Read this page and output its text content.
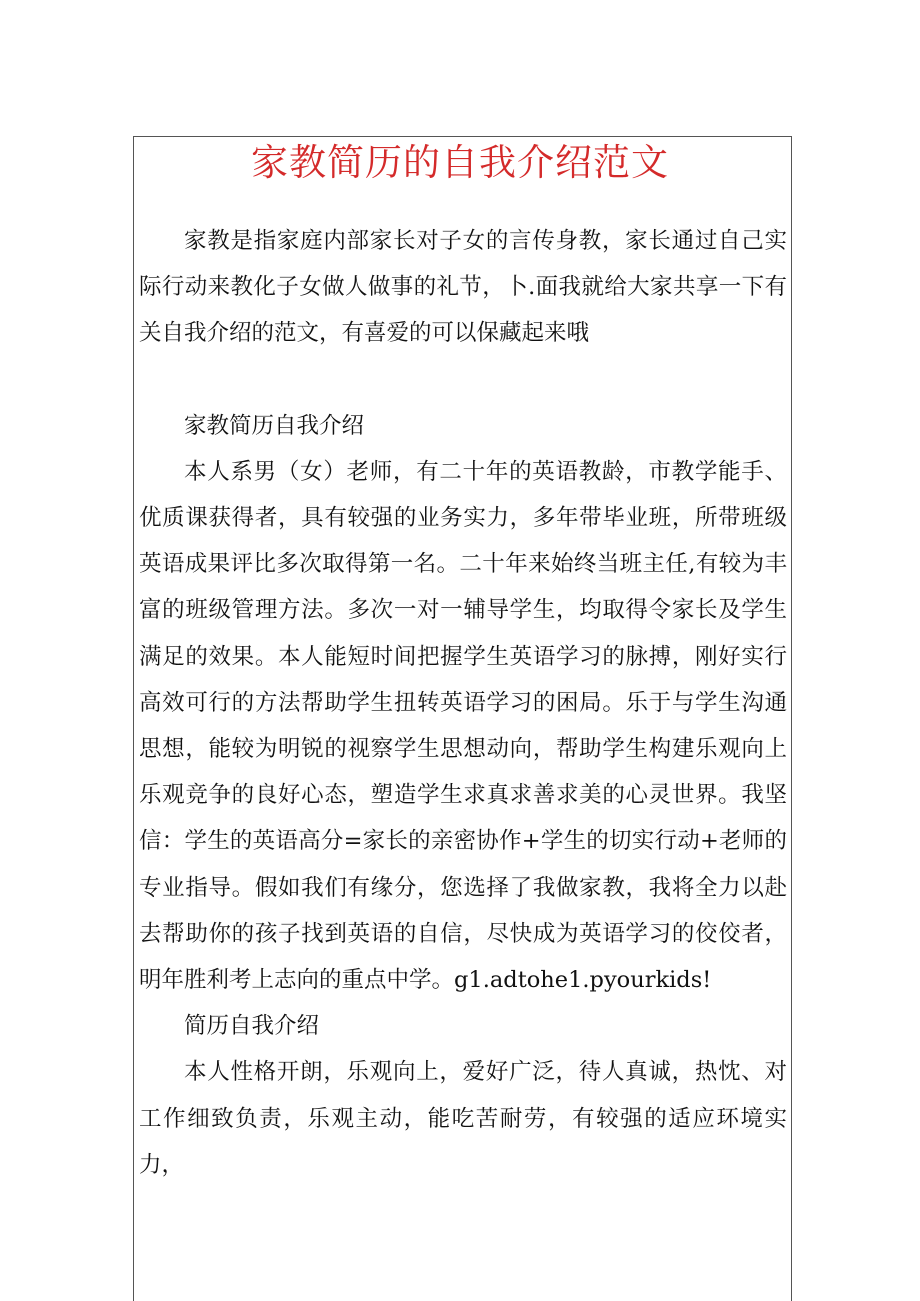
家教简历的自我介绍范文

家教是指家庭内部家长对子女的言传身教，家长通过自己实际行动来教化子女做人做事的礼节，卜.面我就给大家共享一下有关自我介绍的范文，有喜爱的可以保藏起来哦

家教简历自我介绍

本人系男（女）老师，有二十年的英语教龄，市教学能手、优质课获得者，具有较强的业务实力，多年带毕业班，所带班级英语成果评比多次取得第一名。二十年来始终当班主任,有较为丰富的班级管理方法。多次一对一辅导学生，均取得令家长及学生满足的效果。本人能短时间把握学生英语学习的脉搏，刚好实行高效可行的方法帮助学生扭转英语学习的困局。乐于与学生沟通思想，能较为明锐的视察学生思想动向，帮助学生构建乐观向上乐观竞争的良好心态，塑造学生求真求善求美的心灵世界。我坚信：学生的英语高分=家长的亲密协作+学生的切实行动+老师的专业指导。假如我们有缘分，您选择了我做家教，我将全力以赴去帮助你的孩子找到英语的自信，尽快成为英语学习的佼佼者，明年胜利考上志向的重点中学。g1.adtohe1.pyourkids!

简历自我介绍

本人性格开朗，乐观向上，爱好广泛，待人真诚，热忱、对工作细致负责，乐观主动，能吃苦耐劳，有较强的适应环境实力，
